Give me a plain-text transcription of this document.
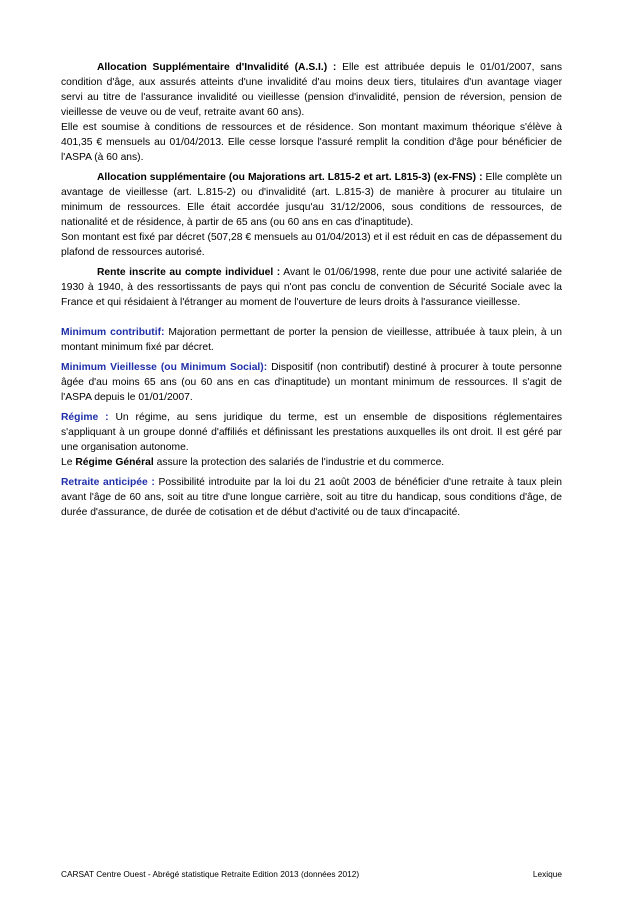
Allocation Supplémentaire d'Invalidité (A.S.I.) : Elle est attribuée depuis le 01/01/2007, sans condition d'âge, aux assurés atteints d'une invalidité d'au moins deux tiers, titulaires d'un avantage viager servi au titre de l'assurance invalidité ou vieillesse (pension d'invalidité, pension de réversion, pension de vieillesse de veuve ou de veuf, retraite avant 60 ans).

Elle est soumise à conditions de ressources et de résidence. Son montant maximum théorique s'élève à 401,35 € mensuels au 01/04/2013. Elle cesse lorsque l'assuré remplit la condition d'âge pour bénéficier de l'ASPA (à 60 ans).

Allocation supplémentaire (ou Majorations art. L815-2 et art. L815-3) (ex-FNS) : Elle complète un avantage de vieillesse (art. L.815-2) ou d'invalidité (art. L.815-3) de manière à procurer au titulaire un minimum de ressources. Elle était accordée jusqu'au 31/12/2006, sous conditions de ressources, de nationalité et de résidence, à partir de 65 ans (ou 60 ans en cas d'inaptitude).

Son montant est fixé par décret (507,28 € mensuels au 01/04/2013) et il est réduit en cas de dépassement du plafond de ressources autorisé.

Rente inscrite au compte individuel : Avant le 01/06/1998, rente due pour une activité salariée de 1930 à 1940, à des ressortissants de pays qui n'ont pas conclu de convention de Sécurité Sociale avec la France et qui résidaient à l'étranger au moment de l'ouverture de leurs droits à l'assurance vieillesse.

Minimum contributif: Majoration permettant de porter la pension de vieillesse, attribuée à taux plein, à un montant minimum fixé par décret.

Minimum Vieillesse (ou Minimum Social): Dispositif (non contributif) destiné à procurer à toute personne âgée d'au moins 65 ans (ou 60 ans en cas d'inaptitude) un montant minimum de ressources. Il s'agit de l'ASPA depuis le 01/01/2007.

Régime : Un régime, au sens juridique du terme, est un ensemble de dispositions réglementaires s'appliquant à un groupe donné d'affiliés et définissant les prestations auxquelles ils ont droit. Il est géré par une organisation autonome.

Le Régime Général assure la protection des salariés de l'industrie et du commerce.

Retraite anticipée : Possibilité introduite par la loi du 21 août 2003 de bénéficier d'une retraite à taux plein avant l'âge de 60 ans, soit au titre d'une longue carrière, soit au titre du handicap, sous conditions d'âge, de durée d'assurance, de durée de cotisation et de début d'activité ou de taux d'incapacité.

CARSAT Centre Ouest - Abrégé statistique Retraite Edition 2013 (données 2012)	Lexique
